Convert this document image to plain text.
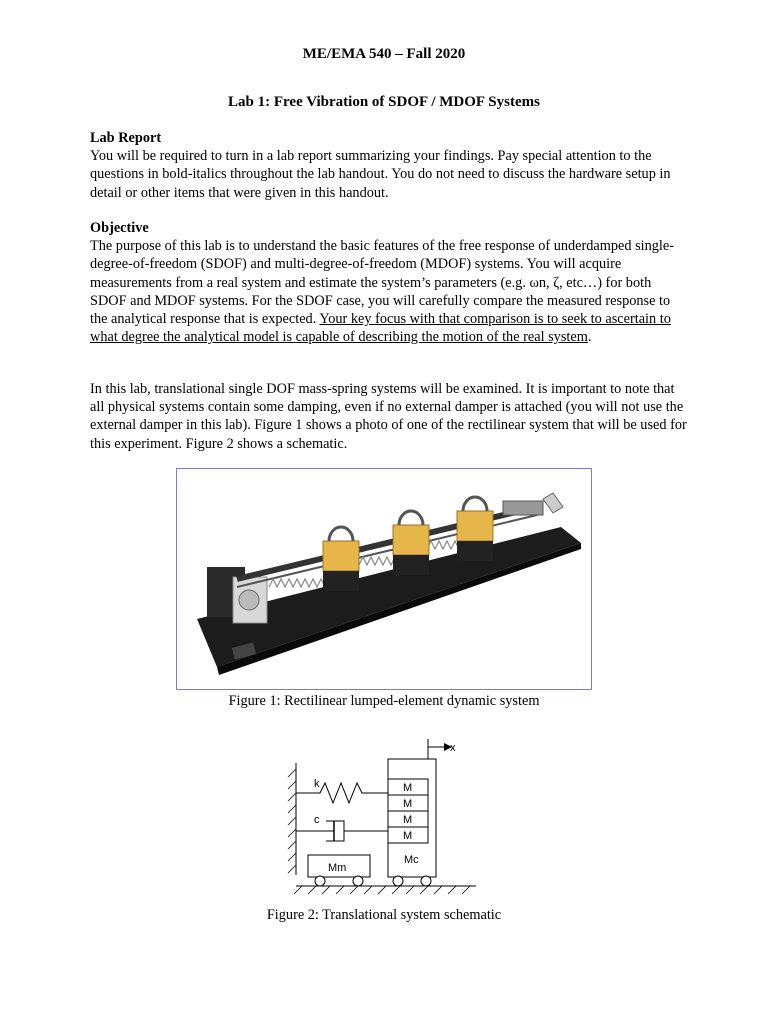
ME/EMA 540 – Fall 2020
Lab 1: Free Vibration of SDOF / MDOF Systems
Lab Report

You will be required to turn in a lab report summarizing your findings. Pay special attention to the questions in bold-italics throughout the lab handout. You do not need to discuss the hardware setup in detail or other items that were given in this handout.

Objective

The purpose of this lab is to understand the basic features of the free response of underdamped single-degree-of-freedom (SDOF) and multi-degree-of-freedom (MDOF) systems. You will acquire measurements from a real system and estimate the system’s parameters (e.g. ωn, ζ, etc…) for both SDOF and MDOF systems. For the SDOF case, you will carefully compare the measured response to the analytical response that is expected. Your key focus with that comparison is to seek to ascertain to what degree the analytical model is capable of describing the motion of the real system.

In this lab, translational single DOF mass-spring systems will be examined. It is important to note that all physical systems contain some damping, even if no external damper is attached (you will not use the external damper in this lab). Figure 1 shows a photo of one of the rectilinear system that will be used for this experiment. Figure 2 shows a schematic.

Figure 1: Rectilinear lumped-element dynamic system
x
k
c
M
M
M
M
Mc
Mm
Figure 2: Translational system schematic
